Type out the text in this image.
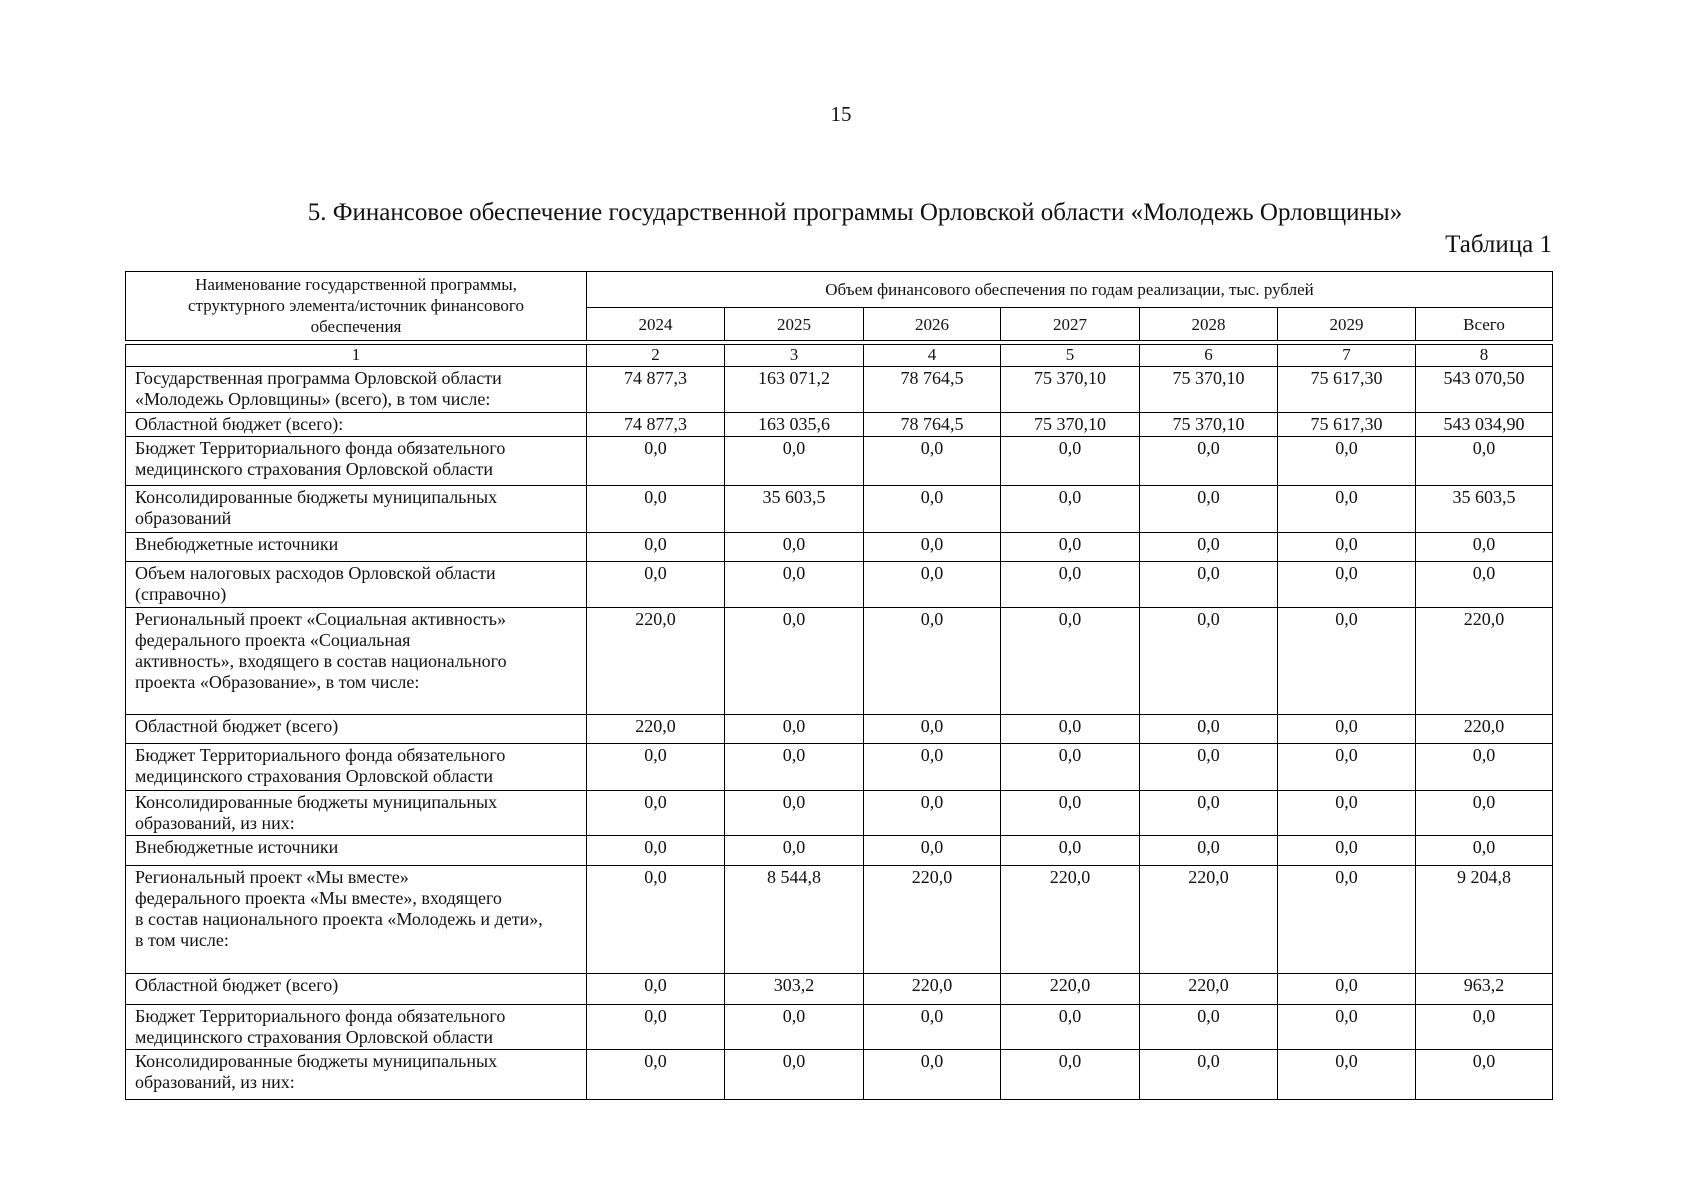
15
5. Финансовое обеспечение государственной программы Орловской области «Молодежь Орловщины»
Таблица 1
Наименование государственной программы,
структурного элемента/источник финансового
обеспечения	Объем финансового обеспечения по годам реализации, тыс. рублей						
	2024	2025	2026	2027	2028	2029	Всего
1	2	3	4	5	6	7	8
Государственная программа Орловской области
«Молодежь Орловщины» (всего), в том числе:	74 877,3	163 071,2	78 764,5	75 370,10	75 370,10	75 617,30	543 070,50
Областной бюджет (всего):	74 877,3	163 035,6	78 764,5	75 370,10	75 370,10	75 617,30	543 034,90
Бюджет Территориального фонда обязательного
медицинского страхования Орловской области	0,0	0,0	0,0	0,0	0,0	0,0	0,0
Консолидированные бюджеты муниципальных
образований	0,0	35 603,5	0,0	0,0	0,0	0,0	35 603,5
Внебюджетные источники	0,0	0,0	0,0	0,0	0,0	0,0	0,0
Объем налоговых расходов Орловской области
(справочно)	0,0	0,0	0,0	0,0	0,0	0,0	0,0
Региональный проект «Социальная активность»
федерального проекта «Социальная
активность», входящего в состав национального
проекта «Образование», в том числе:	220,0	0,0	0,0	0,0	0,0	0,0	220,0
Областной бюджет (всего)	220,0	0,0	0,0	0,0	0,0	0,0	220,0
Бюджет Территориального фонда обязательного
медицинского страхования Орловской области	0,0	0,0	0,0	0,0	0,0	0,0	0,0
Консолидированные бюджеты муниципальных
образований, из них:	0,0	0,0	0,0	0,0	0,0	0,0	0,0
Внебюджетные источники	0,0	0,0	0,0	0,0	0,0	0,0	0,0
Региональный проект «Мы вместе»
федерального проекта «Мы вместе», входящего
в состав национального проекта «Молодежь и дети»,
в том числе:	0,0	8 544,8	220,0	220,0	220,0	0,0	9 204,8
Областной бюджет (всего)	0,0	303,2	220,0	220,0	220,0	0,0	963,2
Бюджет Территориального фонда обязательного
медицинского страхования Орловской области	0,0	0,0	0,0	0,0	0,0	0,0	0,0
Консолидированные бюджеты муниципальных
образований, из них:	0,0	0,0	0,0	0,0	0,0	0,0	0,0
